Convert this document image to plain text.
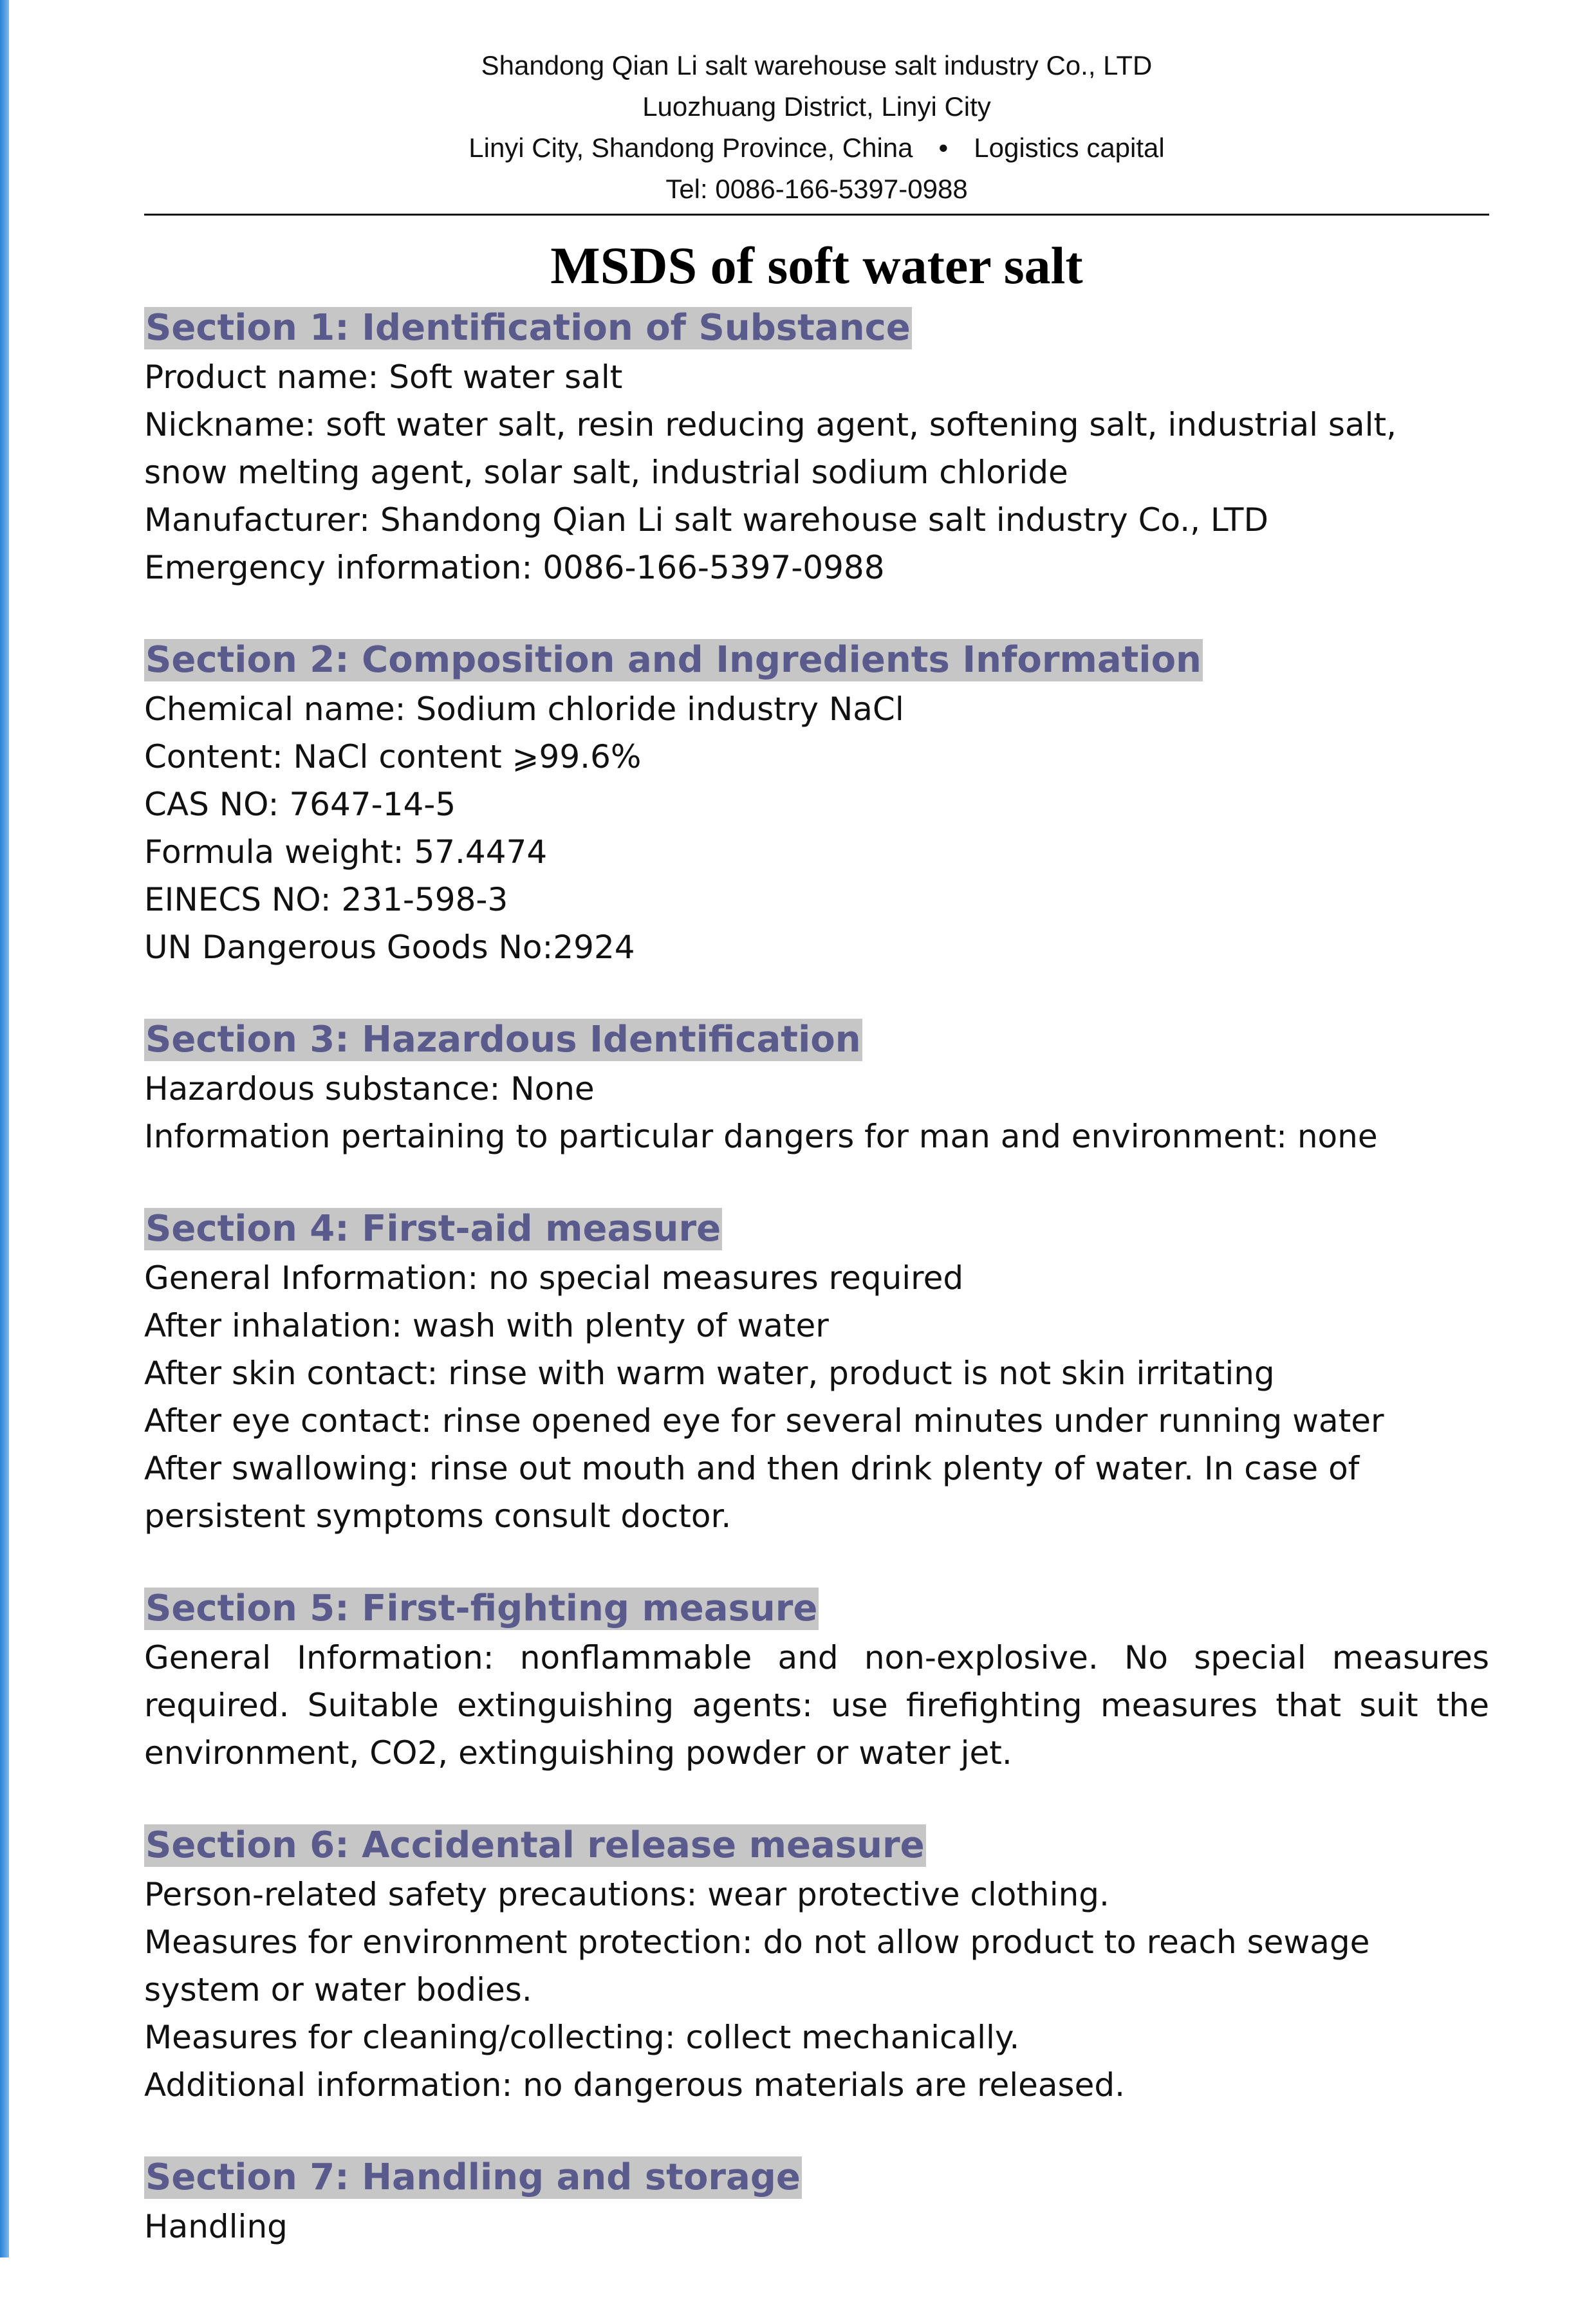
Shandong Qian Li salt warehouse salt industry Co., LTD
Luozhuang District, Linyi City
Linyi City, Shandong Province, China • Logistics capital
Tel: 0086-166-5397-0988
MSDS of soft water salt
Section 1: Identification of Substance
Product name: Soft water salt
Nickname: soft water salt, resin reducing agent, softening salt, industrial salt, snow melting agent, solar salt, industrial sodium chloride
Manufacturer: Shandong Qian Li salt warehouse salt industry Co., LTD
Emergency information: 0086-166-5397-0988
Section 2: Composition and Ingredients Information
Chemical name: Sodium chloride industry NaCl
Content: NaCl content ⩾99.6%
CAS NO: 7647-14-5
Formula weight: 57.4474
EINECS NO: 231-598-3
UN Dangerous Goods No:2924
Section 3: Hazardous Identification
Hazardous substance: None
Information pertaining to particular dangers for man and environment: none
Section 4: First-aid measure
General Information: no special measures required
After inhalation: wash with plenty of water
After skin contact: rinse with warm water, product is not skin irritating
After eye contact: rinse opened eye for several minutes under running water
After swallowing: rinse out mouth and then drink plenty of water. In case of persistent symptoms consult doctor.
Section 5: First-fighting measure
General Information: nonflammable and non-explosive. No special measures required. Suitable extinguishing agents: use firefighting measures that suit the environment, CO2, extinguishing powder or water jet.
Section 6: Accidental release measure
Person-related safety precautions: wear protective clothing.
Measures for environment protection: do not allow product to reach sewage system or water bodies.
Measures for cleaning/collecting: collect mechanically.
Additional information: no dangerous materials are released.
Section 7: Handling and storage
Handling
